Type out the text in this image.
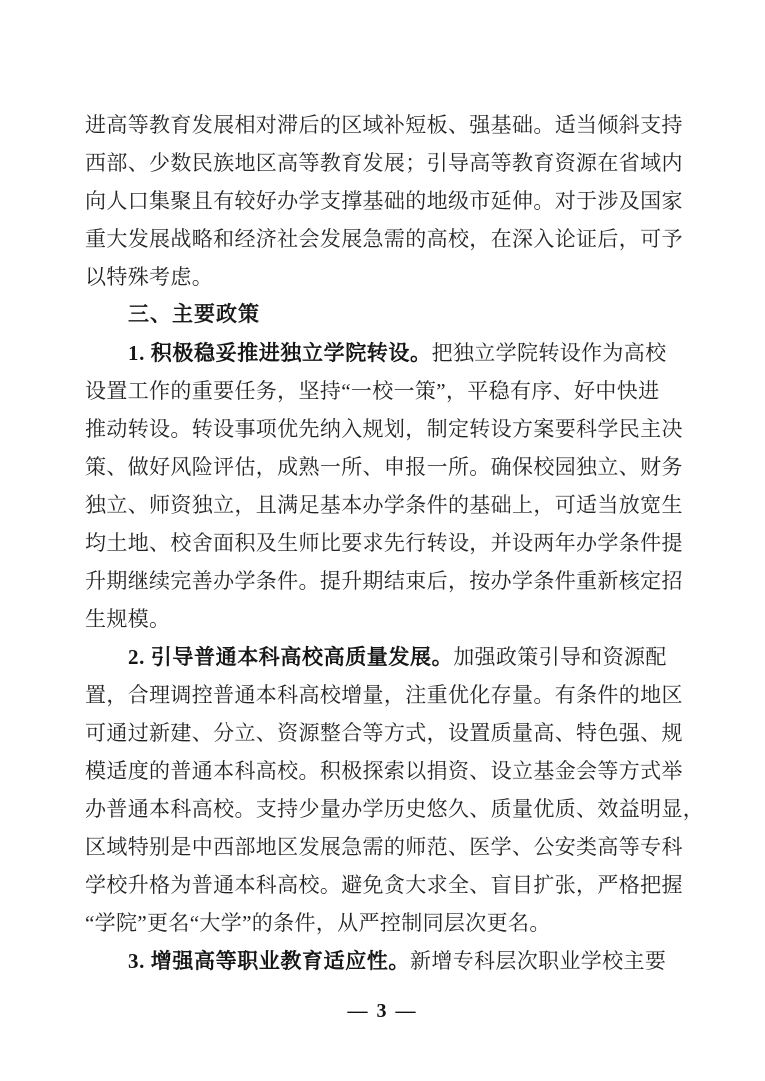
进高等教育发展相对滞后的区域补短板、强基础。适当倾斜支持
西部、少数民族地区高等教育发展；引导高等教育资源在省域内
向人口集聚且有较好办学支撑基础的地级市延伸。对于涉及国家
重大发展战略和经济社会发展急需的高校，在深入论证后，可予
以特殊考虑。
三、主要政策
1. 积极稳妥推进独立学院转设。把独立学院转设作为高校
设置工作的重要任务，坚持“一校一策”，平稳有序、好中快进
推动转设。转设事项优先纳入规划，制定转设方案要科学民主决
策、做好风险评估，成熟一所、申报一所。确保校园独立、财务
独立、师资独立，且满足基本办学条件的基础上，可适当放宽生
均土地、校舍面积及生师比要求先行转设，并设两年办学条件提
升期继续完善办学条件。提升期结束后，按办学条件重新核定招
生规模。
2. 引导普通本科高校高质量发展。加强政策引导和资源配
置，合理调控普通本科高校增量，注重优化存量。有条件的地区
可通过新建、分立、资源整合等方式，设置质量高、特色强、规
模适度的普通本科高校。积极探索以捐资、设立基金会等方式举
办普通本科高校。支持少量办学历史悠久、质量优质、效益明显，
区域特别是中西部地区发展急需的师范、医学、公安类高等专科
学校升格为普通本科高校。避免贪大求全、盲目扩张，严格把握
“学院”更名“大学”的条件，从严控制同层次更名。
3. 增强高等职业教育适应性。新增专科层次职业学校主要
— 3 —
